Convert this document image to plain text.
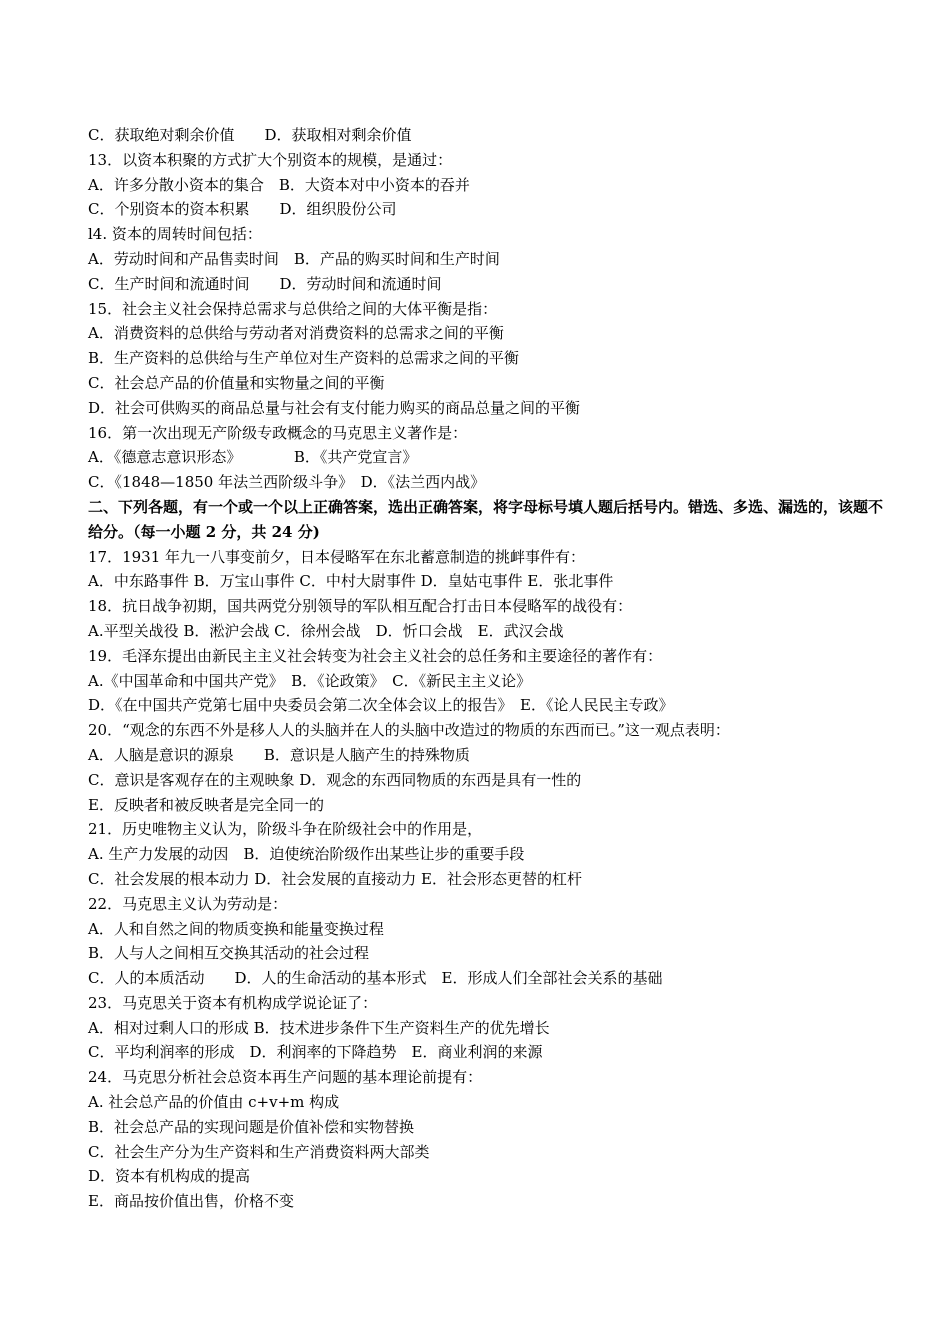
C．获取绝对剩余价值　　D．获取相对剩余价值
13．以资本积聚的方式扩大个别资本的规模，是通过：
A．许多分散小资本的集合　B．大资本对中小资本的吞并
C．个别资本的资本积累　　D．组织股份公司
l4. 资本的周转时间包括：
A．劳动时间和产品售卖时间　B．产品的购买时间和生产时间
C．生产时间和流通时间　　D．劳动时间和流通时间
15．社会主义社会保持总需求与总供给之间的大体平衡是指：
A．消费资料的总供给与劳动者对消费资料的总需求之间的平衡
B．生产资料的总供给与生产单位对生产资料的总需求之间的平衡
C．社会总产品的价值量和实物量之间的平衡
D．社会可供购买的商品总量与社会有支付能力购买的商品总量之间的平衡
16．第一次出现无产阶级专政概念的马克思主义著作是：
A．《德意志意识形态》　　　　B．《共产党宣言》
C．《1848—1850 年法兰西阶级斗争》　D．《法兰西内战》
二、下列各题，有一个或一个以上正确答案，选出正确答案，将字母标号填人题后括号内。错选、多选、漏选的，该题不给分。（每一小题 2 分，共 24 分)
17．1931 年九一八事变前夕，日本侵略军在东北蓄意制造的挑衅事件有：
A．中东路事件 B．万宝山事件 C．中村大尉事件 D．皇姑屯事件 E．张北事件
18．抗日战争初期，国共两党分别领导的军队相互配合打击日本侵略军的战役有：
A.平型关战役 B．淞沪会战 C．徐州会战　D．忻口会战　E．武汉会战
19．毛泽东提出由新民主主义社会转变为社会主义社会的总任务和主要途径的著作有：
A.《中国革命和中国共产党》　B．《论政策》　C．《新民主主义论》
D．《在中国共产党第七届中央委员会第二次全体会议上的报告》　E．《论人民民主专政》
20．“观念的东西不外是移人人的头脑并在人的头脑中改造过的物质的东西而已。”这一观点表明：
A．人脑是意识的源泉　　B．意识是人脑产生的持殊物质
C．意识是客观存在的主观映象 D．观念的东西同物质的东西是具有一性的
E．反映者和被反映者是完全同一的
21．历史唯物主义认为，阶级斗争在阶级社会中的作用是，
A. 生产力发展的动因　B．迫使统治阶级作出某些让步的重要手段
C．社会发展的根本动力 D．社会发展的直接动力 E．社会形态更替的杠杆
22．马克思主义认为劳动是：
A．人和自然之间的物质变换和能量变换过程
B．人与人之间相互交换其活动的社会过程
C．人的本质活动　　D．人的生命活动的基本形式　E．形成人们全部社会关系的基础
23．马克思关于资本有机构成学说论证了：
A．相对过剩人口的形成 B．技术进步条件下生产资料生产的优先增长
C．平均利润率的形成　D．利润率的下降趋势　E．商业利润的来源
24．马克思分析社会总资本再生产问题的基本理论前提有：
A. 社会总产品的价值由 c+v+m 构成
B．社会总产品的实现问题是价值补偿和实物替换
C．社会生产分为生产资料和生产消费资料两大部类
D．资本有机构成的提高
E．商品按价值出售，价格不变
